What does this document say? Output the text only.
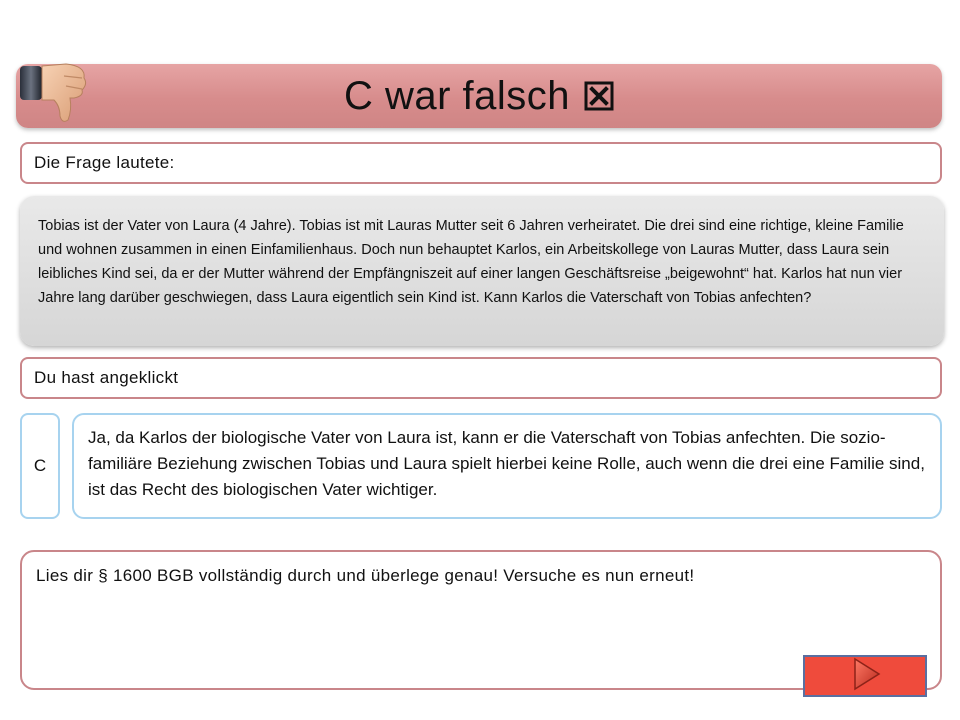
C war falsch
Die Frage lautete:
Tobias ist der Vater von Laura (4 Jahre). Tobias ist mit Lauras Mutter seit 6 Jahren verheiratet. Die drei sind eine richtige, kleine Familie und wohnen zusammen in einen Einfamilienhaus. Doch nun behauptet Karlos, ein Arbeitskollege von Lauras Mutter, dass Laura sein leibliches Kind sei, da er der Mutter während der Empfängniszeit auf einer langen Geschäftsreise „beigewohnt“ hat. Karlos hat nun vier Jahre lang darüber geschwiegen, dass Laura eigentlich sein Kind ist. Kann Karlos die Vaterschaft von Tobias anfechten?
Du hast angeklickt
C
Ja, da Karlos der biologische Vater von Laura ist, kann er die Vaterschaft von Tobias anfechten. Die sozio-familiäre Beziehung zwischen Tobias und Laura spielt hierbei keine Rolle, auch wenn die drei eine Familie sind, ist das Recht des biologischen Vater wichtiger.
Lies dir § 1600 BGB vollständig durch und überlege genau! Versuche es nun erneut!
